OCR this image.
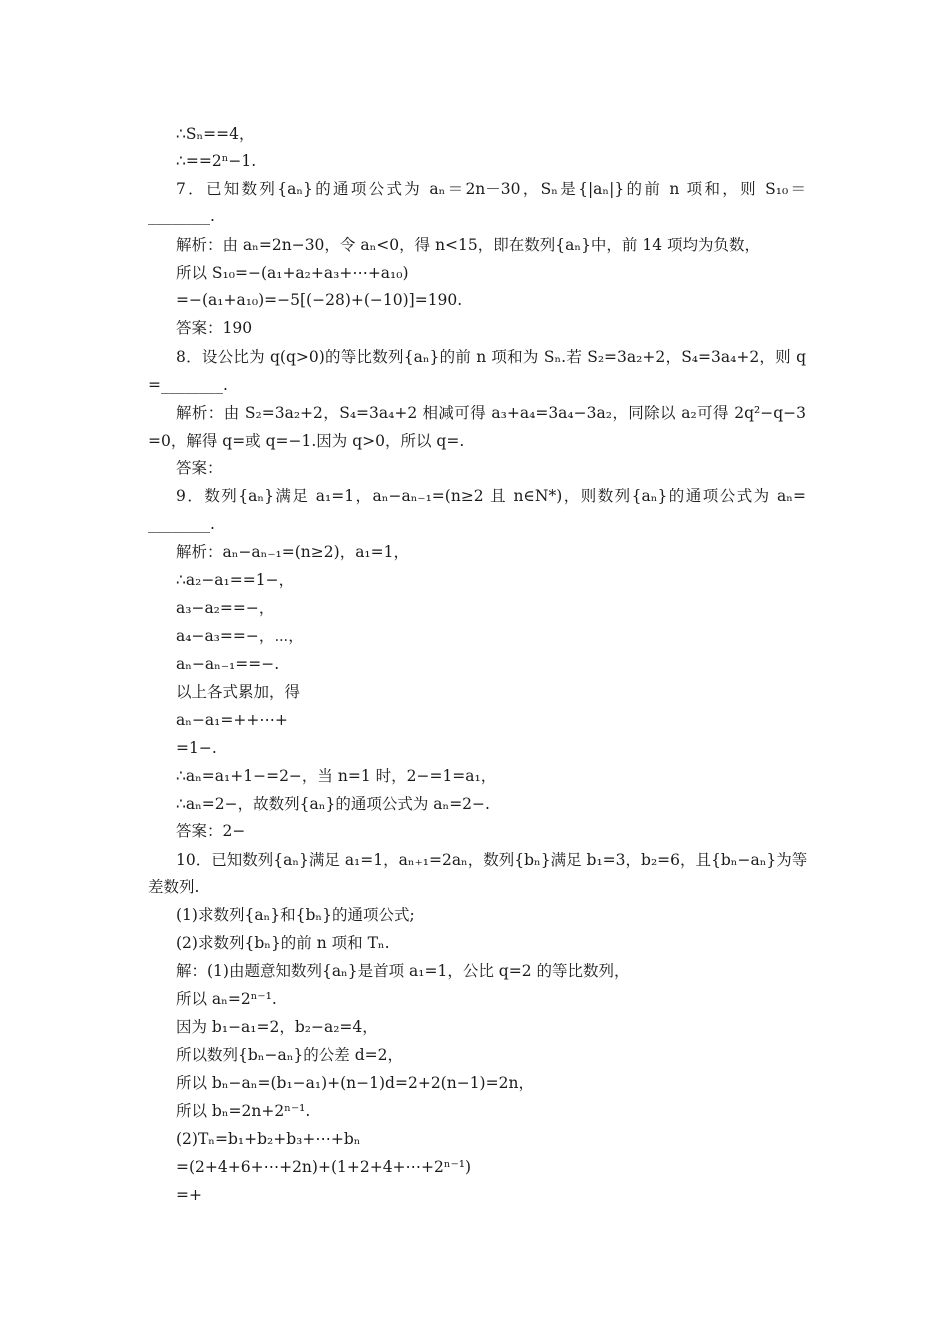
∴Sₙ==4，
∴==2ⁿ−1.
7．已知数列{aₙ}的通项公式为 aₙ＝2n－30，Sₙ是{|aₙ|}的前 n 项和，则 S₁₀＝
________.
解析：由 aₙ=2n−30，令 aₙ<0，得 n<15，即在数列{aₙ}中，前 14 项均为负数，
所以 S₁₀=−(a₁+a₂+a₃+⋯+a₁₀)
=−(a₁+a₁₀)=−5[(−28)+(−10)]=190.
答案：190
8．设公比为 q(q>0)的等比数列{aₙ}的前 n 项和为 Sₙ.若 S₂=3a₂+2，S₄=3a₄+2，则 q
=________.
解析：由 S₂=3a₂+2，S₄=3a₄+2 相减可得 a₃+a₄=3a₄−3a₂，同除以 a₂可得 2q²−q−3
=0，解得 q=或 q=−1.因为 q>0，所以 q=.
答案：
9．数列{aₙ}满足 a₁=1，aₙ−aₙ₋₁=(n≥2 且 n∈N*)，则数列{aₙ}的通项公式为 aₙ=
________.
解析：aₙ−aₙ₋₁=(n≥2)，a₁=1，
∴a₂−a₁==1−，
a₃−a₂==−，
a₄−a₃==−，⋯，
aₙ−aₙ₋₁==−.
以上各式累加，得
aₙ−a₁=++⋯+
=1−.
∴aₙ=a₁+1−=2−，当 n=1 时，2−=1=a₁，
∴aₙ=2−，故数列{aₙ}的通项公式为 aₙ=2−.
答案：2−
10．已知数列{aₙ}满足 a₁=1，aₙ₊₁=2aₙ，数列{bₙ}满足 b₁=3，b₂=6，且{bₙ−aₙ}为等
差数列.
(1)求数列{aₙ}和{bₙ}的通项公式;
(2)求数列{bₙ}的前 n 项和 Tₙ.
解：(1)由题意知数列{aₙ}是首项 a₁=1，公比 q=2 的等比数列，
所以 aₙ=2ⁿ⁻¹.
因为 b₁−a₁=2，b₂−a₂=4，
所以数列{bₙ−aₙ}的公差 d=2，
所以 bₙ−aₙ=(b₁−a₁)+(n−1)d=2+2(n−1)=2n，
所以 bₙ=2n+2ⁿ⁻¹.
(2)Tₙ=b₁+b₂+b₃+⋯+bₙ
=(2+4+6+⋯+2n)+(1+2+4+⋯+2ⁿ⁻¹)
=+
